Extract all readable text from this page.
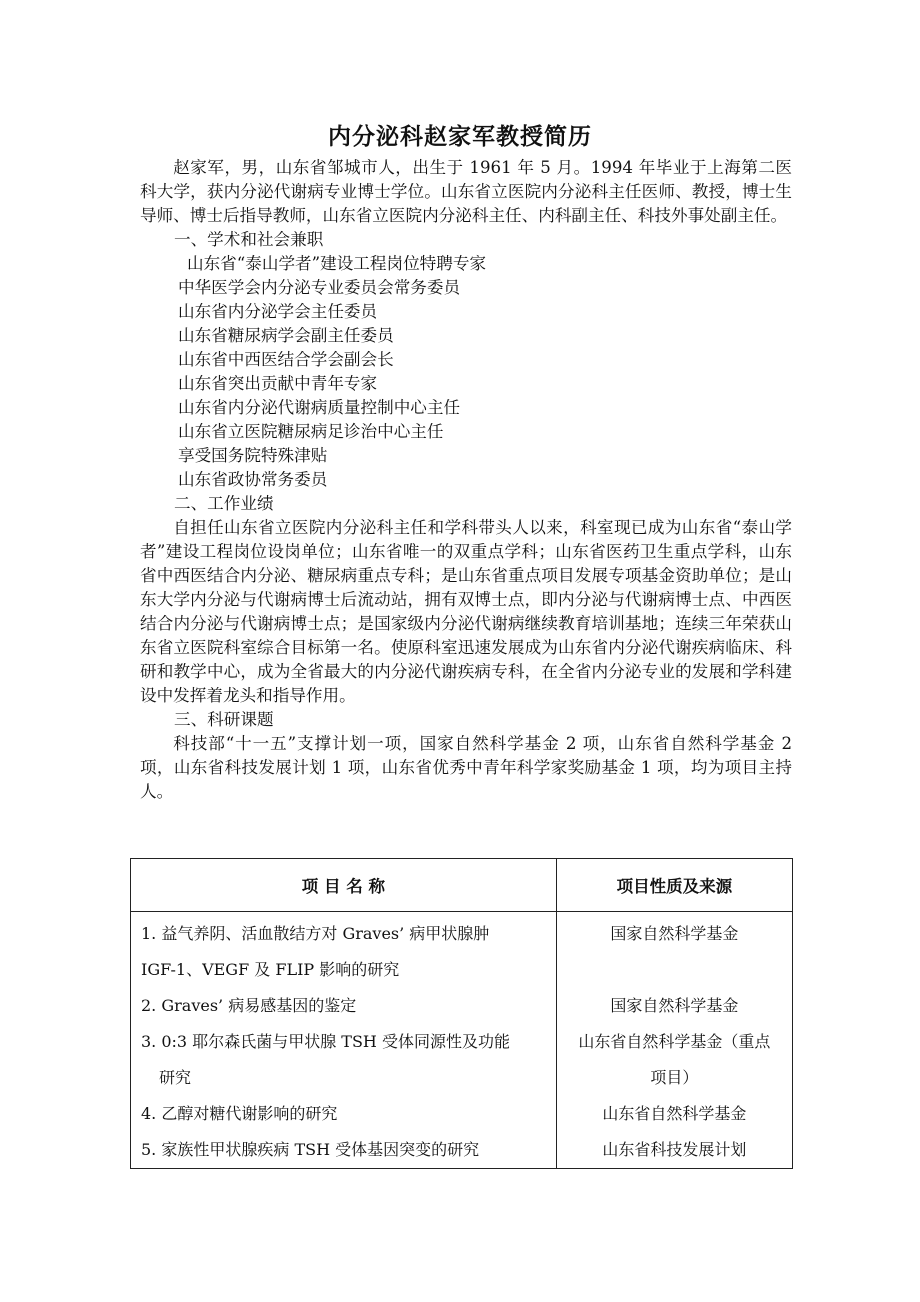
内分泌科赵家军教授简历

赵家军，男，山东省邹城市人，出生于 1961 年 5 月。1994 年毕业于上海第二医科大学，获内分泌代谢病专业博士学位。山东省立医院内分泌科主任医师、教授，博士生导师、博士后指导教师，山东省立医院内分泌科主任、内科副主任、科技外事处副主任。

一、学术和社会兼职

山东省“泰山学者”建设工程岗位特聘专家
中华医学会内分泌专业委员会常务委员
山东省内分泌学会主任委员
山东省糖尿病学会副主任委员
山东省中西医结合学会副会长
山东省突出贡献中青年专家
山东省内分泌代谢病质量控制中心主任
山东省立医院糖尿病足诊治中心主任
享受国务院特殊津贴
山东省政协常务委员

二、工作业绩

自担任山东省立医院内分泌科主任和学科带头人以来，科室现已成为山东省“泰山学者”建设工程岗位设岗单位；山东省唯一的双重点学科；山东省医药卫生重点学科，山东省中西医结合内分泌、糖尿病重点专科；是山东省重点项目发展专项基金资助单位；是山东大学内分泌与代谢病博士后流动站，拥有双博士点，即内分泌与代谢病博士点、中西医结合内分泌与代谢病博士点；是国家级内分泌代谢病继续教育培训基地；连续三年荣获山东省立医院科室综合目标第一名。使原科室迅速发展成为山东省内分泌代谢疾病临床、科研和教学中心，成为全省最大的内分泌代谢疾病专科，在全省内分泌专业的发展和学科建设中发挥着龙头和指导作用。

三、科研课题

科技部“十一五”支撑计划一项，国家自然科学基金 2 项，山东省自然科学基金 2 项，山东省科技发展计划 1 项，山东省优秀中青年科学家奖励基金 1 项，均为项目主持人。

项 目 名 称	项目性质及来源

1. 益气养阴、活血散结方对 Graves’ 病甲状腺肿
IGF-1、VEGF 及 FLIP 影响的研究	国家自然科学基金

2. Graves’ 病易感基因的鉴定	国家自然科学基金

3. 0:3 耶尔森氏菌与甲状腺 TSH 受体同源性及功能
研究	山东省自然科学基金（重点
项目）

4. 乙醇对糖代谢影响的研究	山东省自然科学基金

5. 家族性甲状腺疾病 TSH 受体基因突变的研究	山东省科技发展计划
